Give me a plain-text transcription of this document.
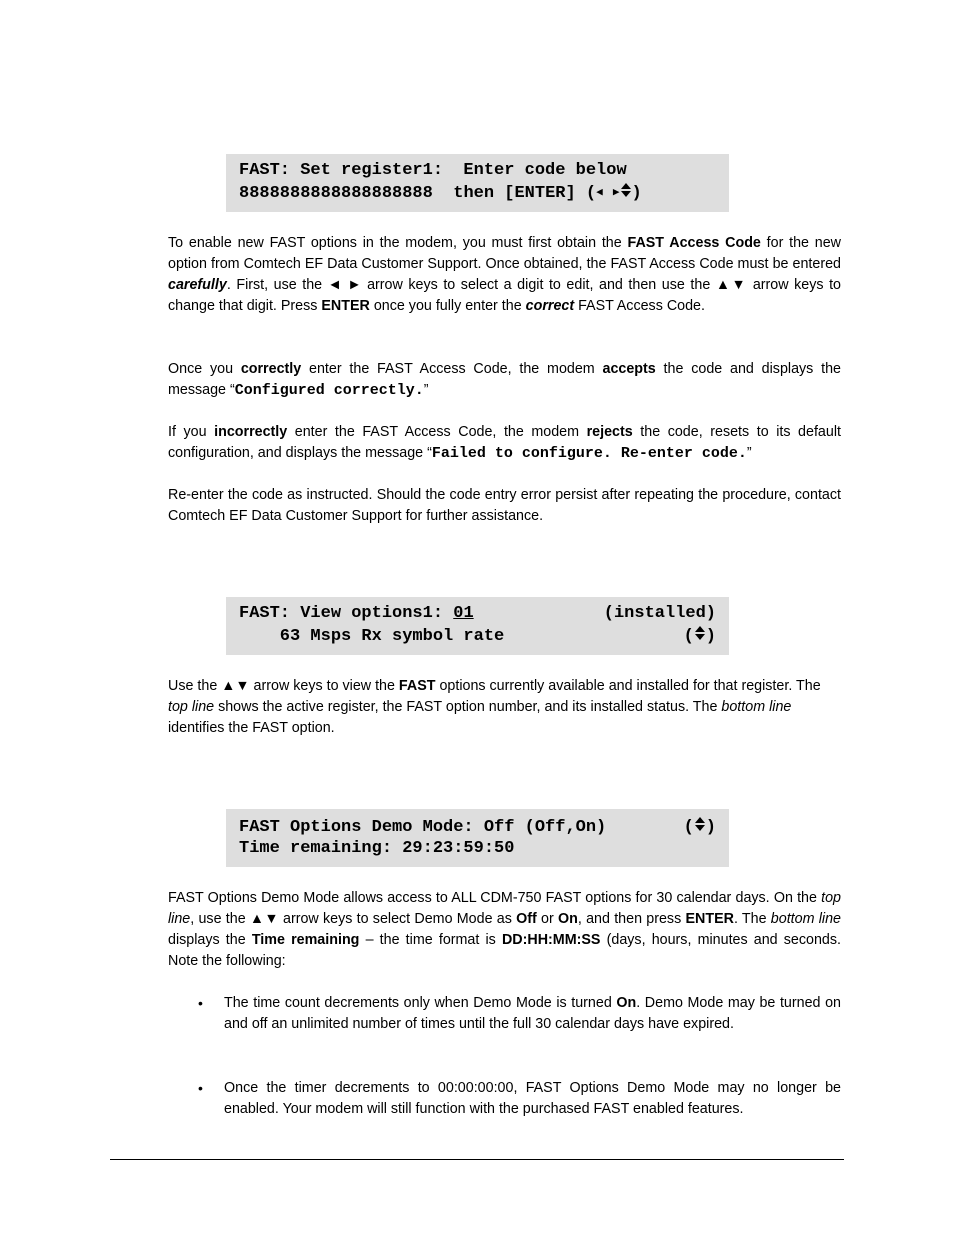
FAST: Set register1:  Enter code below
8888888888888888888 then [ENTER] (◀ ▶ )

To enable new FAST options in the modem, you must first obtain the FAST Access Code for the new option from Comtech EF Data Customer Support. Once obtained, the FAST Access Code must be entered carefully. First, use the ◄ ► arrow keys to select a digit to edit, and then use the ▲▼ arrow keys to change that digit. Press ENTER once you fully enter the correct FAST Access Code.

Once you correctly enter the FAST Access Code, the modem accepts the code and displays the message “Configured correctly.”

If you incorrectly enter the FAST Access Code, the modem rejects the code, resets to its default configuration, and displays the message “Failed to configure. Re-enter code.”

Re-enter the code as instructed. Should the code entry error persist after repeating the procedure, contact Comtech EF Data Customer Support for further assistance.

FAST: View options1: 01	(installed)
63 Msps Rx symbol rate	( )

Use the ▲▼ arrow keys to view the FAST options currently available and installed for that register. The top line shows the active register, the FAST option number, and its installed status. The bottom line identifies the FAST option.

FAST Options Demo Mode: Off (Off,On)	( )
Time remaining: 29:23:59:50

FAST Options Demo Mode allows access to ALL CDM-750 FAST options for 30 calendar days. On the top line, use the ▲▼ arrow keys to select Demo Mode as Off or On, and then press ENTER. The bottom line displays the Time remaining – the time format is DD:HH:MM:SS (days, hours, minutes and seconds. Note the following:

• The time count decrements only when Demo Mode is turned On. Demo Mode may be turned on and off an unlimited number of times until the full 30 calendar days have expired.

• Once the timer decrements to 00:00:00:00, FAST Options Demo Mode may no longer be enabled. Your modem will still function with the purchased FAST enabled features.
